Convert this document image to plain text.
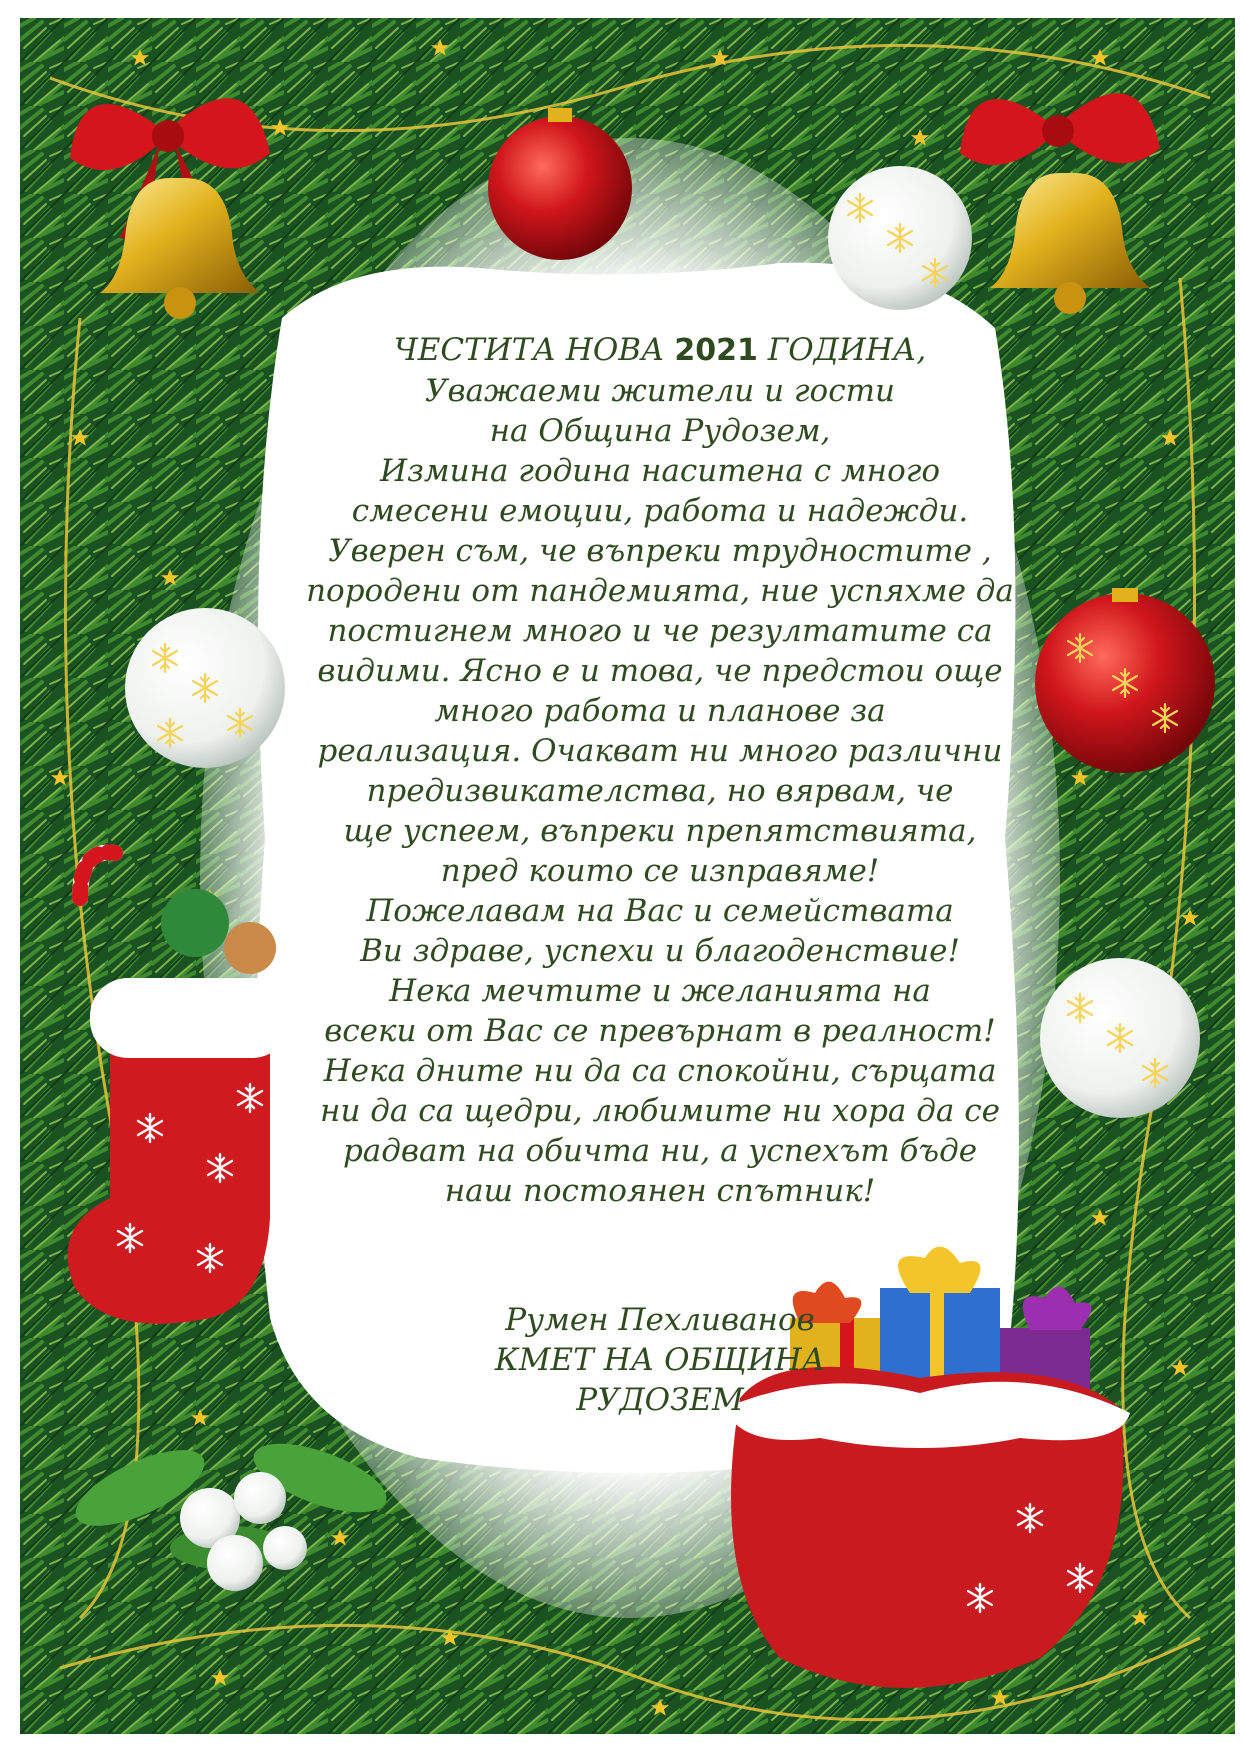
ЧЕСТИТА НОВА 2021 ГОДИНА,
Уважаеми жители и гости
на Община Рудозем,
Измина година наситена с много
смесени емоции, работа и надежди.
Уверен съм, че въпреки трудностите ,
породени от пандемията, ние успяхме да
постигнем много и че резултатите са
видими. Ясно е и това, че предстои още
много работа и планове за
реализация. Очакват ни много различни
предизвикателства, но вярвам, че
ще успеем, въпреки препятствията,
пред които се изправяме!
Пожелавам на Вас и семействата
Ви здраве, успехи и благоденствие!
Нека мечтите и желанията на
всеки от Вас се превърнат в реалност!
Нека дните ни да са спокойни, сърцата
ни да са щедри, любимите ни хора да се
радват на обичта ни, а успехът бъде
наш постоянен спътник!
Румен Пехливанов
КМЕТ НА ОБЩИНА
РУДОЗЕМ
